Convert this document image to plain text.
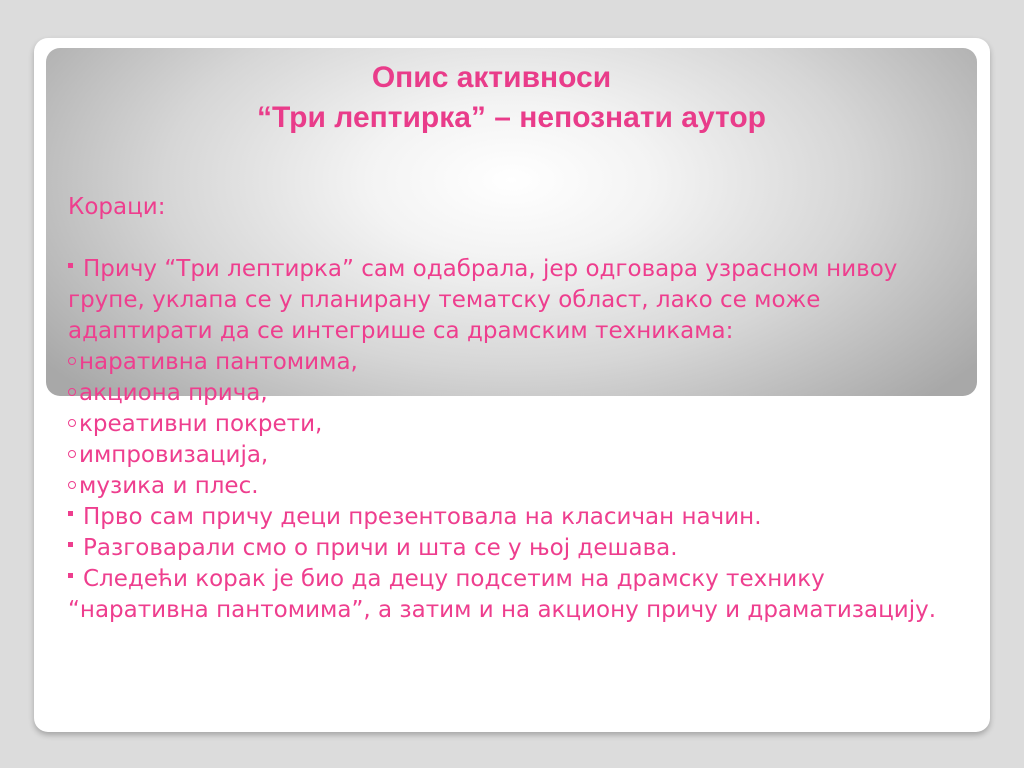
Опис активноси
“Три лептирка” – непознати аутор

Кораци:

Причу “Три лептирка” сам одабрала, јер одговара узрасном нивоу групе, уклапа се у планирану тематску област, лако се може адаптирати да се интегрише са драмским техникама:

наративна пантомима,

акциона прича,

креативни покрети,

импровизација,

музика и плес.

Прво сам причу деци презентовала на класичан начин.

Разговарали смо о причи и шта се у њој дешава.

Следећи корак је био да децу подсетим на драмску технику “наративна пантомима”, а затим и на акциону причу и драматизацију.
